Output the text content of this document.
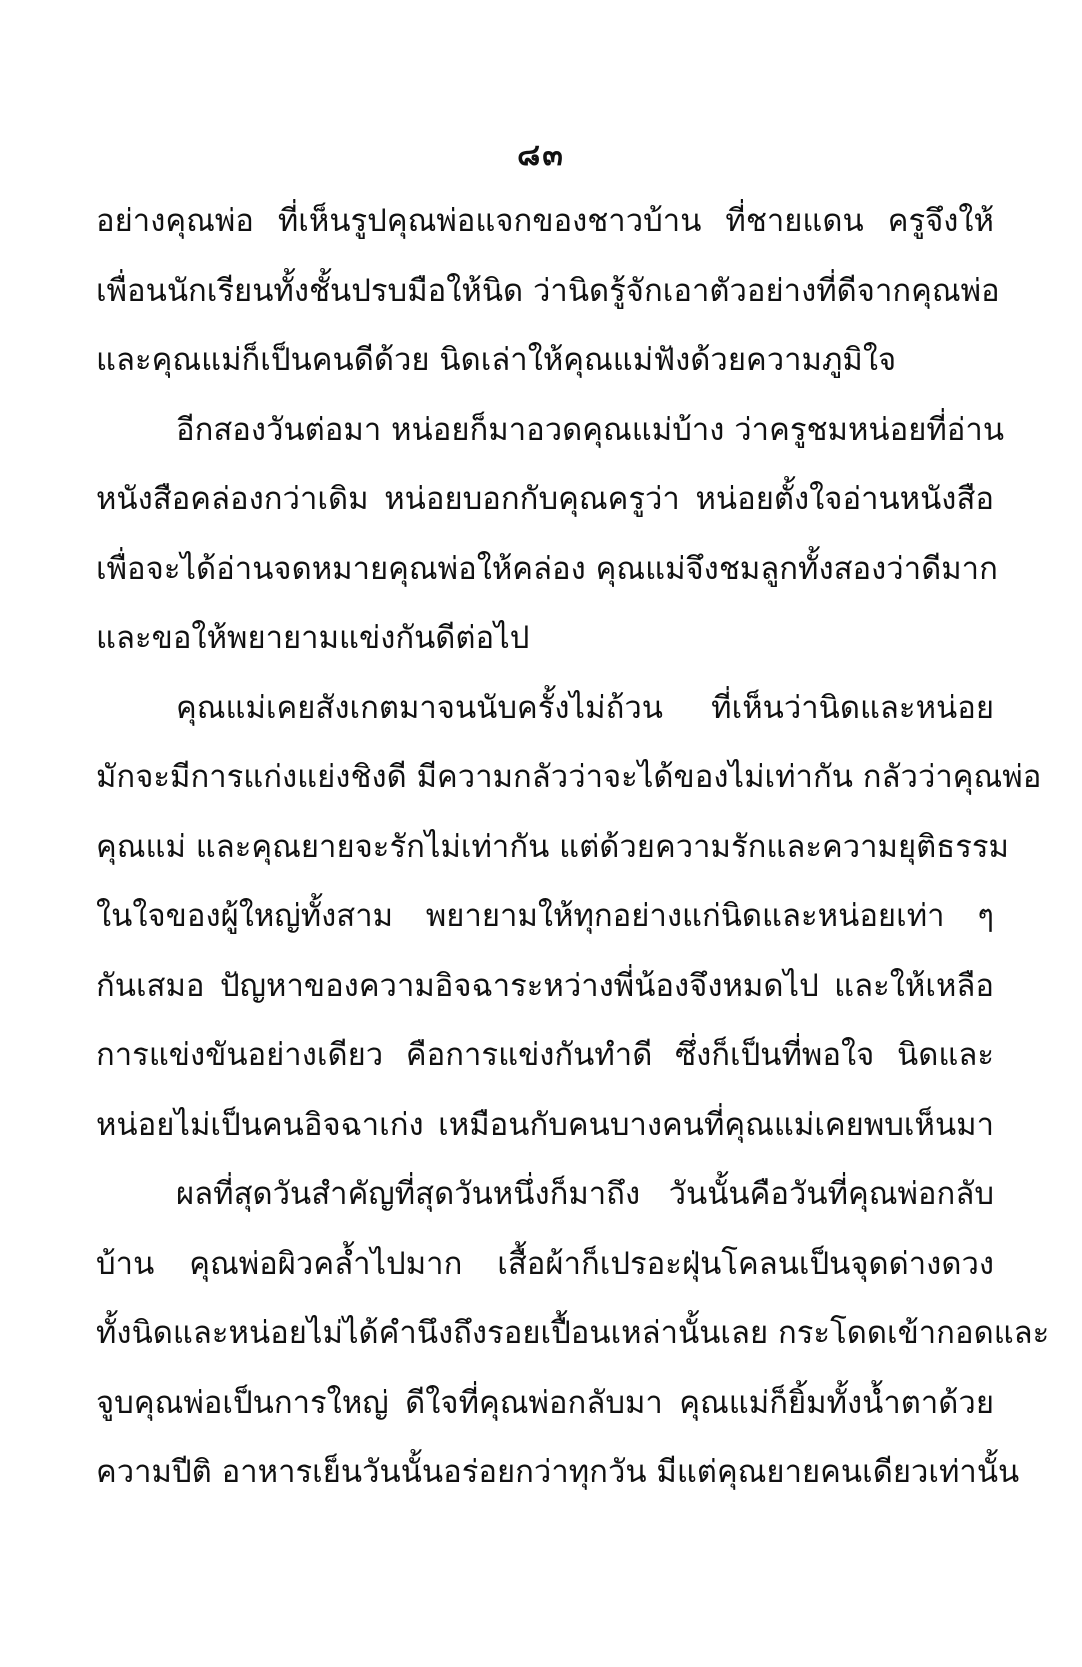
๘๓
อย่างคุณพ่อ ที่เห็นรูปคุณพ่อแจกของชาวบ้าน ที่ชายแดน ครูจึงให้
เพื่อนนักเรียนทั้งชั้นปรบมือให้นิด ว่านิดรู้จักเอาตัวอย่างที่ดีจากคุณพ่อ
และคุณแม่ก็เป็นคนดีด้วย นิดเล่าให้คุณแม่ฟังด้วยความภูมิใจ
อีกสองวันต่อมา หน่อยก็มาอวดคุณแม่บ้าง ว่าครูชมหน่อยที่อ่าน
หนังสือคล่องกว่าเดิม หน่อยบอกกับคุณครูว่า หน่อยตั้งใจอ่านหนังสือ
เพื่อจะได้อ่านจดหมายคุณพ่อให้คล่อง คุณแม่จึงชมลูกทั้งสองว่าดีมาก
และขอให้พยายามแข่งกันดีต่อไป
คุณแม่เคยสังเกตมาจนนับครั้งไม่ถ้วน ที่เห็นว่านิดและหน่อย
มักจะมีการแก่งแย่งชิงดี มีความกลัวว่าจะได้ของไม่เท่ากัน กลัวว่าคุณพ่อ
คุณแม่ และคุณยายจะรักไม่เท่ากัน แต่ด้วยความรักและความยุติธรรม
ในใจของผู้ใหญ่ทั้งสาม พยายามให้ทุกอย่างแก่นิดและหน่อยเท่า ๆ
กันเสมอ ปัญหาของความอิจฉาระหว่างพี่น้องจึงหมดไป และให้เหลือ
การแข่งขันอย่างเดียว คือการแข่งกันทำดี ซึ่งก็เป็นที่พอใจ นิดและ
หน่อยไม่เป็นคนอิจฉาเก่ง เหมือนกับคนบางคนที่คุณแม่เคยพบเห็นมา
ผลที่สุดวันสำคัญที่สุดวันหนึ่งก็มาถึง วันนั้นคือวันที่คุณพ่อกลับ
บ้าน คุณพ่อผิวคล้ำไปมาก เสื้อผ้าก็เปรอะฝุ่นโคลนเป็นจุดด่างดวง
ทั้งนิดและหน่อยไม่ได้คำนึงถึงรอยเปื้อนเหล่านั้นเลย กระโดดเข้ากอดและ
จูบคุณพ่อเป็นการใหญ่ ดีใจที่คุณพ่อกลับมา คุณแม่ก็ยิ้มทั้งน้ำตาด้วย
ความปีติ อาหารเย็นวันนั้นอร่อยกว่าทุกวัน มีแต่คุณยายคนเดียวเท่านั้น
